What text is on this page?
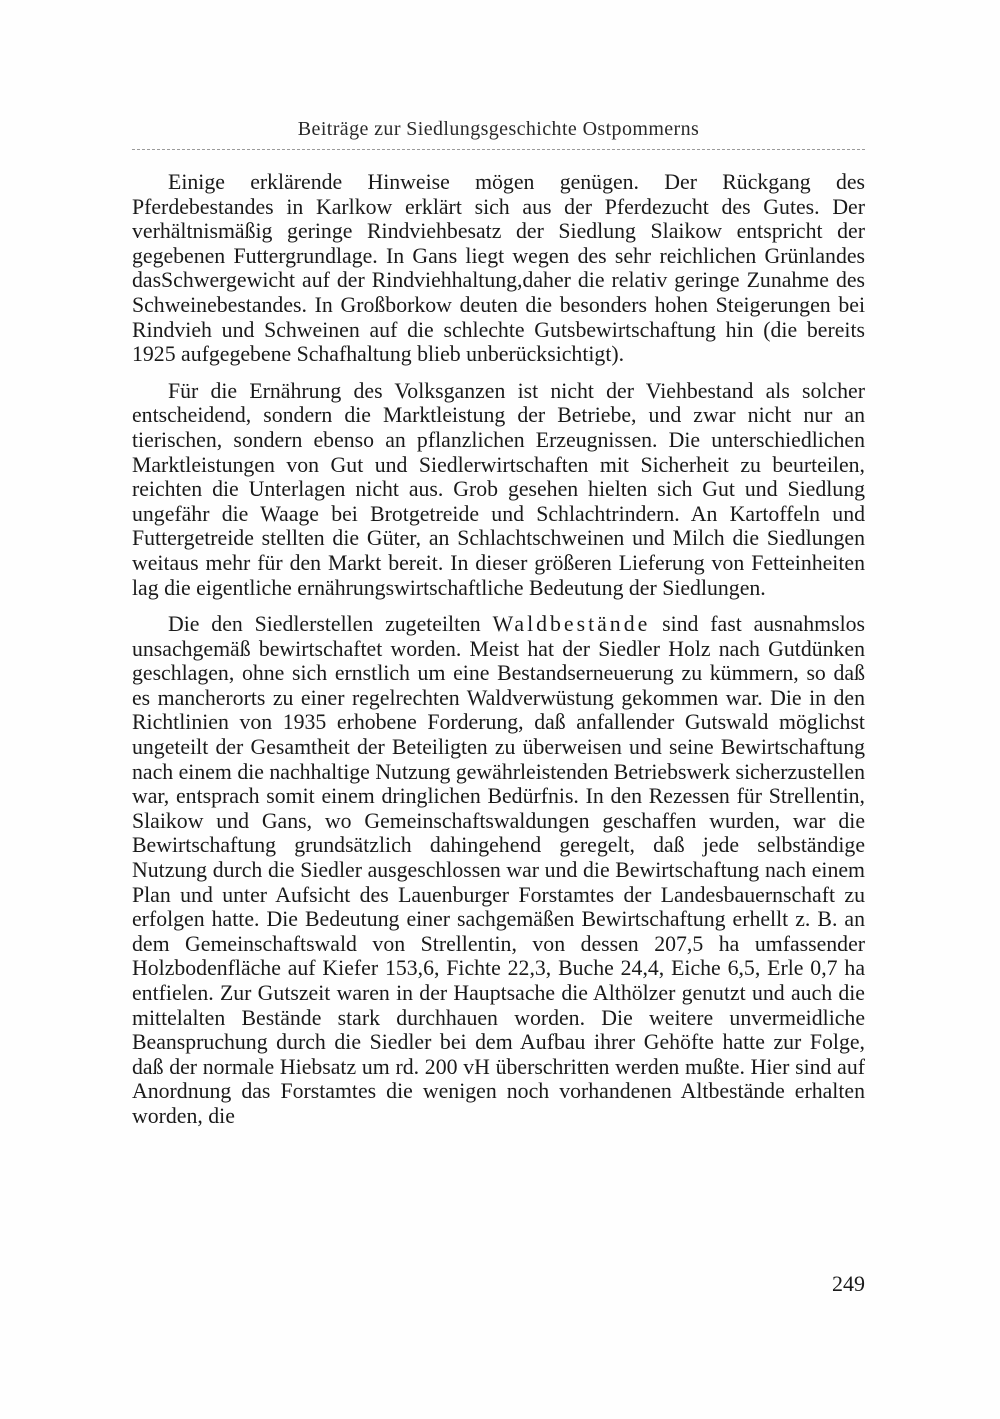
Beiträge zur Siedlungsgeschichte Ostpommerns

Einige erklärende Hinweise mögen genügen. Der Rückgang des Pferdebestandes in Karlkow erklärt sich aus der Pferdezucht des Gutes. Der verhältnismäßig geringe Rindviehbesatz der Siedlung Slaikow entspricht der gegebenen Futtergrundlage. In Gans liegt wegen des sehr reichlichen Grünlandes dasSchwergewicht auf der Rindviehhaltung,daher die relativ geringe Zunahme des Schweinebestandes. In Großborkow deuten die besonders hohen Steigerungen bei Rindvieh und Schweinen auf die schlechte Gutsbewirtschaftung hin (die bereits 1925 aufgegebene Schafhaltung blieb unberücksichtigt).

Für die Ernährung des Volksganzen ist nicht der Viehbestand als solcher entscheidend, sondern die Marktleistung der Betriebe, und zwar nicht nur an tierischen, sondern ebenso an pflanzlichen Erzeugnissen. Die unterschiedlichen Marktleistungen von Gut und Siedlerwirtschaften mit Sicherheit zu beurteilen, reichten die Unterlagen nicht aus. Grob gesehen hielten sich Gut und Siedlung ungefähr die Waage bei Brotgetreide und Schlachtrindern. An Kartoffeln und Futtergetreide stellten die Güter, an Schlachtschweinen und Milch die Siedlungen weitaus mehr für den Markt bereit. In dieser größeren Lieferung von Fetteinheiten lag die eigentliche ernährungswirtschaftliche Bedeutung der Siedlungen.

Die den Siedlerstellen zugeteilten Waldbestände sind fast ausnahmslos unsachgemäß bewirtschaftet worden. Meist hat der Siedler Holz nach Gutdünken geschlagen, ohne sich ernstlich um eine Bestandserneuerung zu kümmern, so daß es mancherorts zu einer regelrechten Waldverwüstung gekommen war. Die in den Richtlinien von 1935 erhobene Forderung, daß anfallender Gutswald möglichst ungeteilt der Gesamtheit der Beteiligten zu überweisen und seine Bewirtschaftung nach einem die nachhaltige Nutzung gewährleistenden Betriebswerk sicherzustellen war, entsprach somit einem dringlichen Bedürfnis. In den Rezessen für Strellentin, Slaikow und Gans, wo Gemeinschaftswaldungen geschaffen wurden, war die Bewirtschaftung grundsätzlich dahingehend geregelt, daß jede selbständige Nutzung durch die Siedler ausgeschlossen war und die Bewirtschaftung nach einem Plan und unter Aufsicht des Lauenburger Forstamtes der Landesbauernschaft zu erfolgen hatte. Die Bedeutung einer sachgemäßen Bewirtschaftung erhellt z. B. an dem Gemeinschaftswald von Strellentin, von dessen 207,5 ha umfassender Holzbodenfläche auf Kiefer 153,6, Fichte 22,3, Buche 24,4, Eiche 6,5, Erle 0,7 ha entfielen. Zur Gutszeit waren in der Hauptsache die Althölzer genutzt und auch die mittelalten Bestände stark durchhauen worden. Die weitere unvermeidliche Beanspruchung durch die Siedler bei dem Aufbau ihrer Gehöfte hatte zur Folge, daß der normale Hiebsatz um rd. 200 vH überschritten werden mußte. Hier sind auf Anordnung das Forstamtes die wenigen noch vorhandenen Altbestände erhalten worden, die

249
